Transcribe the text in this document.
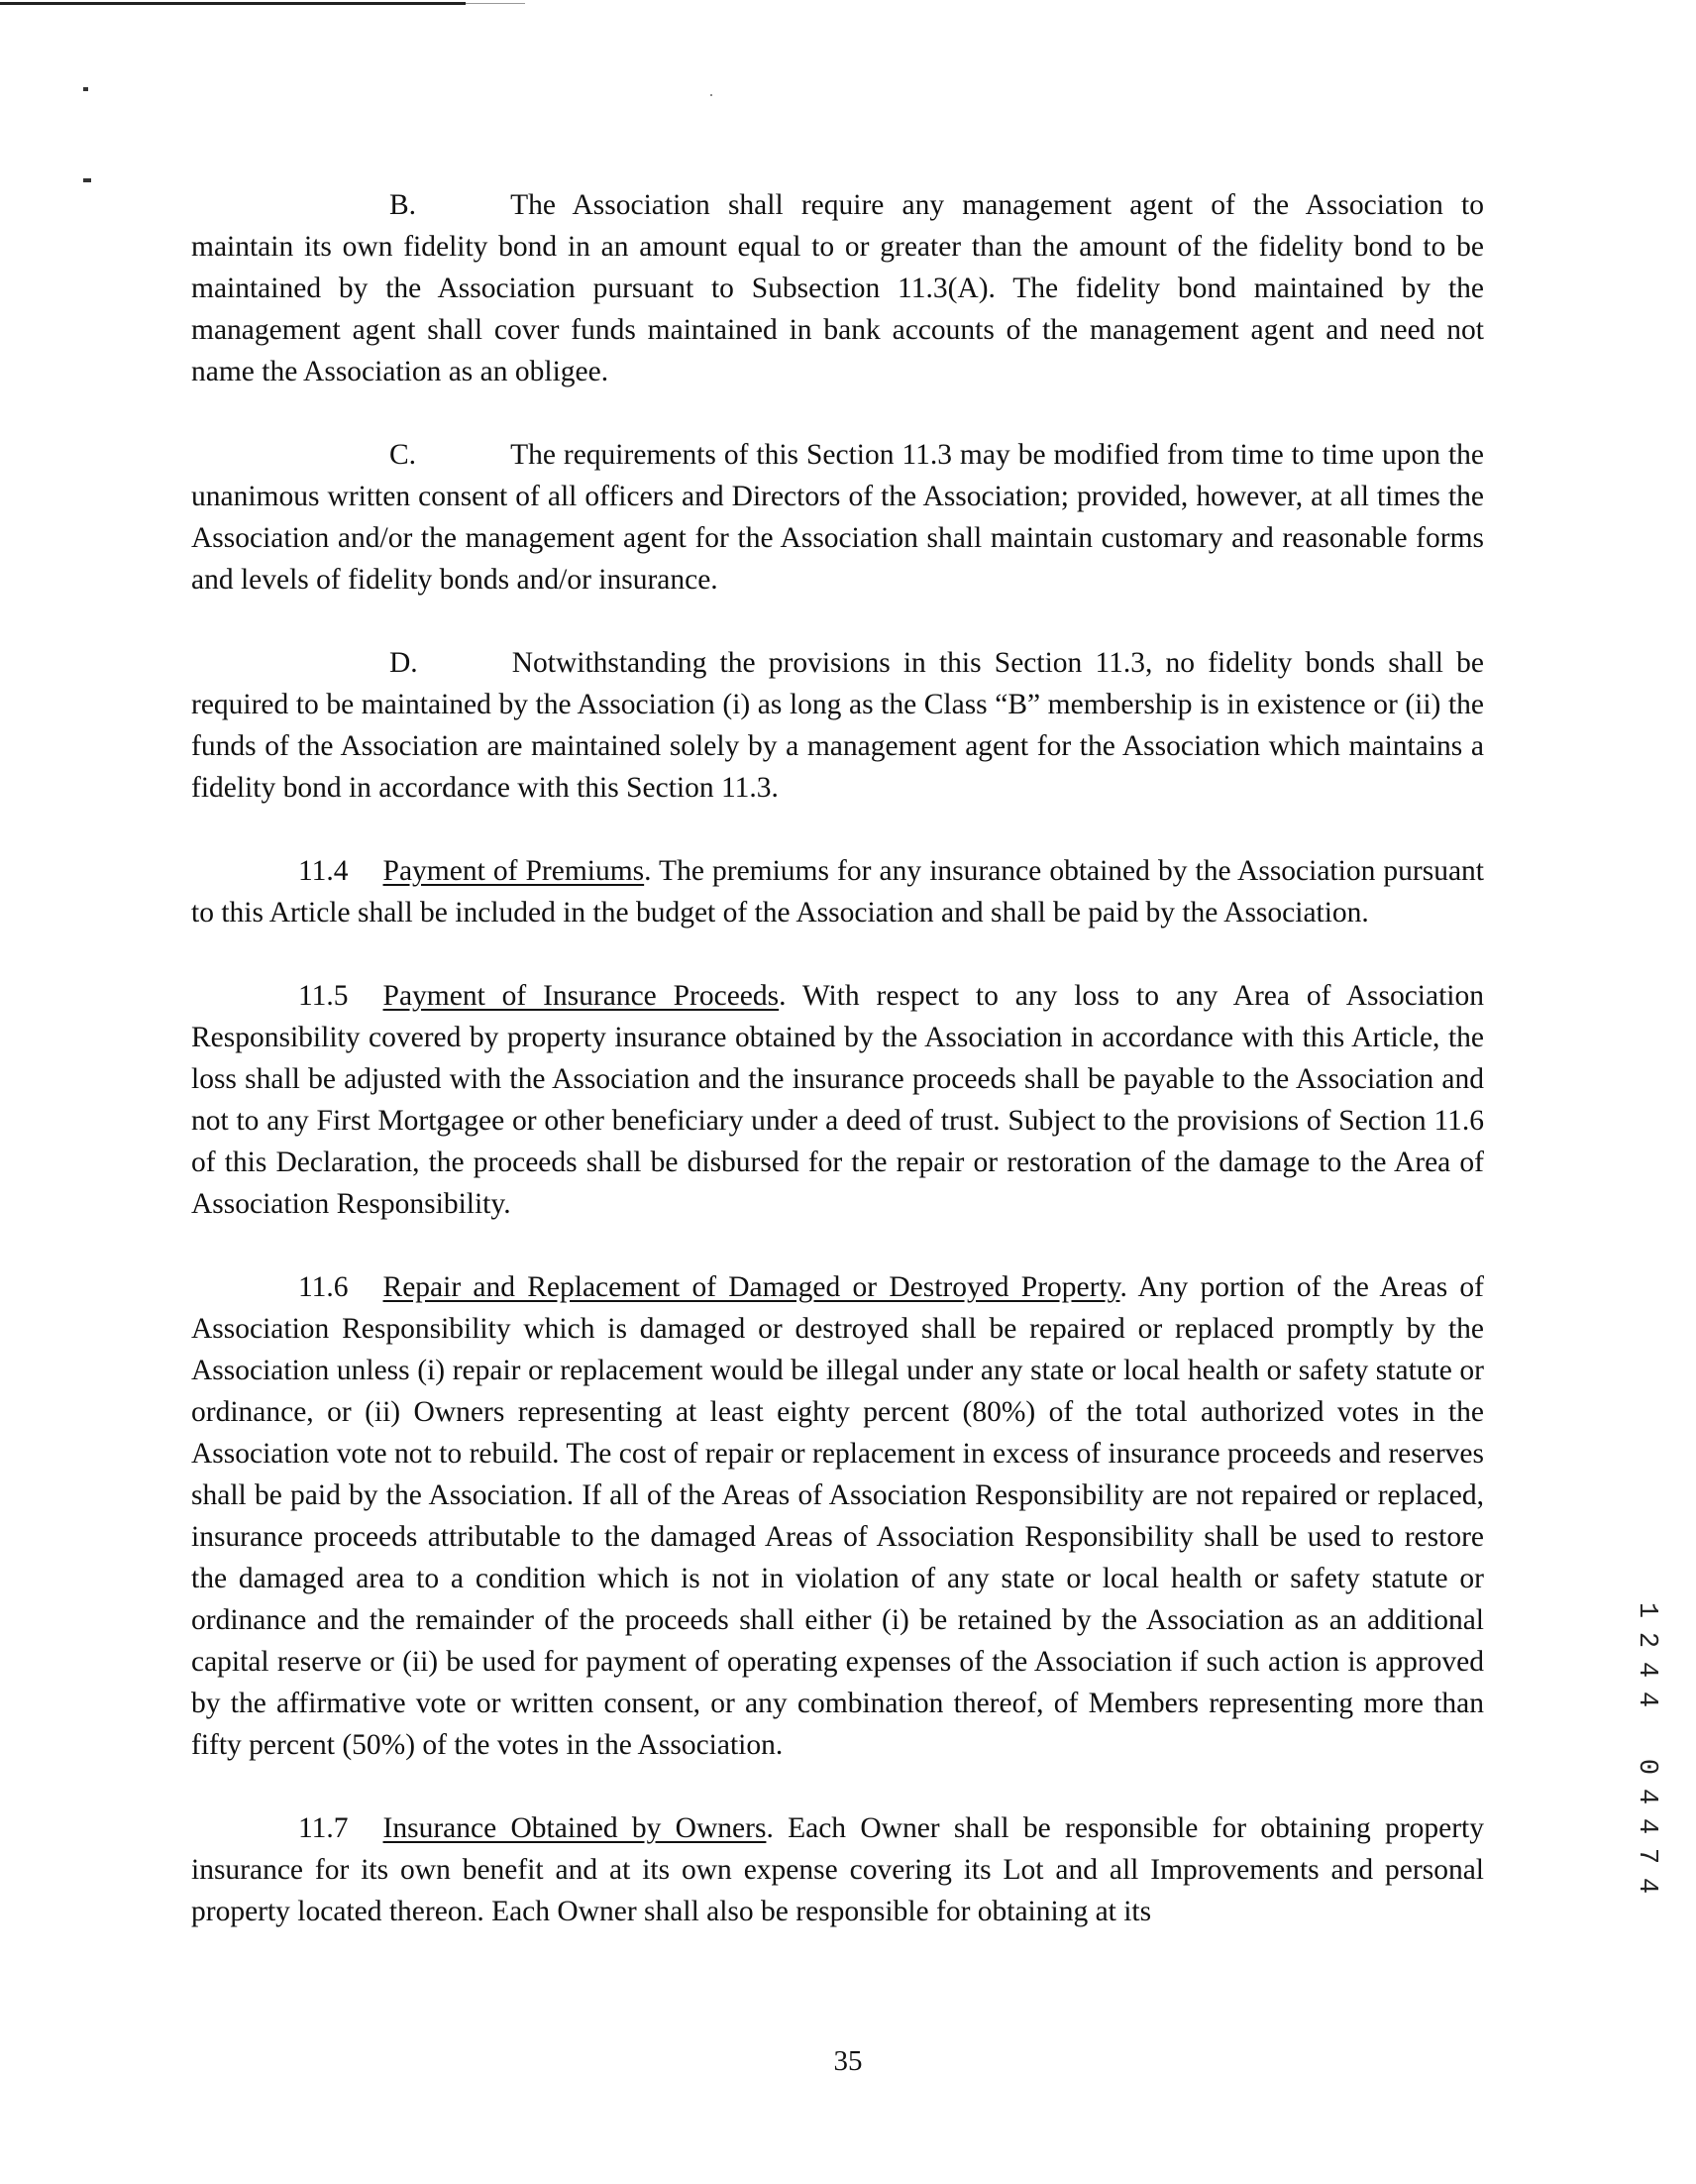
B.	The Association shall require any management agent of the Association to maintain its own fidelity bond in an amount equal to or greater than the amount of the fidelity bond to be maintained by the Association pursuant to Subsection 11.3(A). The fidelity bond maintained by the management agent shall cover funds maintained in bank accounts of the management agent and need not name the Association as an obligee.

C.	The requirements of this Section 11.3 may be modified from time to time upon the unanimous written consent of all officers and Directors of the Association; provided, however, at all times the Association and/or the management agent for the Association shall maintain customary and reasonable forms and levels of fidelity bonds and/or insurance.

D.	Notwithstanding the provisions in this Section 11.3, no fidelity bonds shall be required to be maintained by the Association (i) as long as the Class “B” membership is in existence or (ii) the funds of the Association are maintained solely by a management agent for the Association which maintains a fidelity bond in accordance with this Section 11.3.

11.4 Payment of Premiums. The premiums for any insurance obtained by the Association pursuant to this Article shall be included in the budget of the Association and shall be paid by the Association.

11.5 Payment of Insurance Proceeds. With respect to any loss to any Area of Association Responsibility covered by property insurance obtained by the Association in accordance with this Article, the loss shall be adjusted with the Association and the insurance proceeds shall be payable to the Association and not to any First Mortgagee or other beneficiary under a deed of trust. Subject to the provisions of Section 11.6 of this Declaration, the proceeds shall be disbursed for the repair or restoration of the damage to the Area of Association Responsibility.

11.6 Repair and Replacement of Damaged or Destroyed Property. Any portion of the Areas of Association Responsibility which is damaged or destroyed shall be repaired or replaced promptly by the Association unless (i) repair or replacement would be illegal under any state or local health or safety statute or ordinance, or (ii) Owners representing at least eighty percent (80%) of the total authorized votes in the Association vote not to rebuild. The cost of repair or replacement in excess of insurance proceeds and reserves shall be paid by the Association. If all of the Areas of Association Responsibility are not repaired or replaced, insurance proceeds attributable to the damaged Areas of Association Responsibility shall be used to restore the damaged area to a condition which is not in violation of any state or local health or safety statute or ordinance and the remainder of the proceeds shall either (i) be retained by the Association as an additional capital reserve or (ii) be used for payment of operating expenses of the Association if such action is approved by the affirmative vote or written consent, or any combination thereof, of Members representing more than fifty percent (50%) of the votes in the Association.

11.7 Insurance Obtained by Owners. Each Owner shall be responsible for obtaining property insurance for its own benefit and at its own expense covering its Lot and all Improvements and personal property located thereon. Each Owner shall also be responsible for obtaining at its

1
2
4
4
0
4
4
7
4
35
